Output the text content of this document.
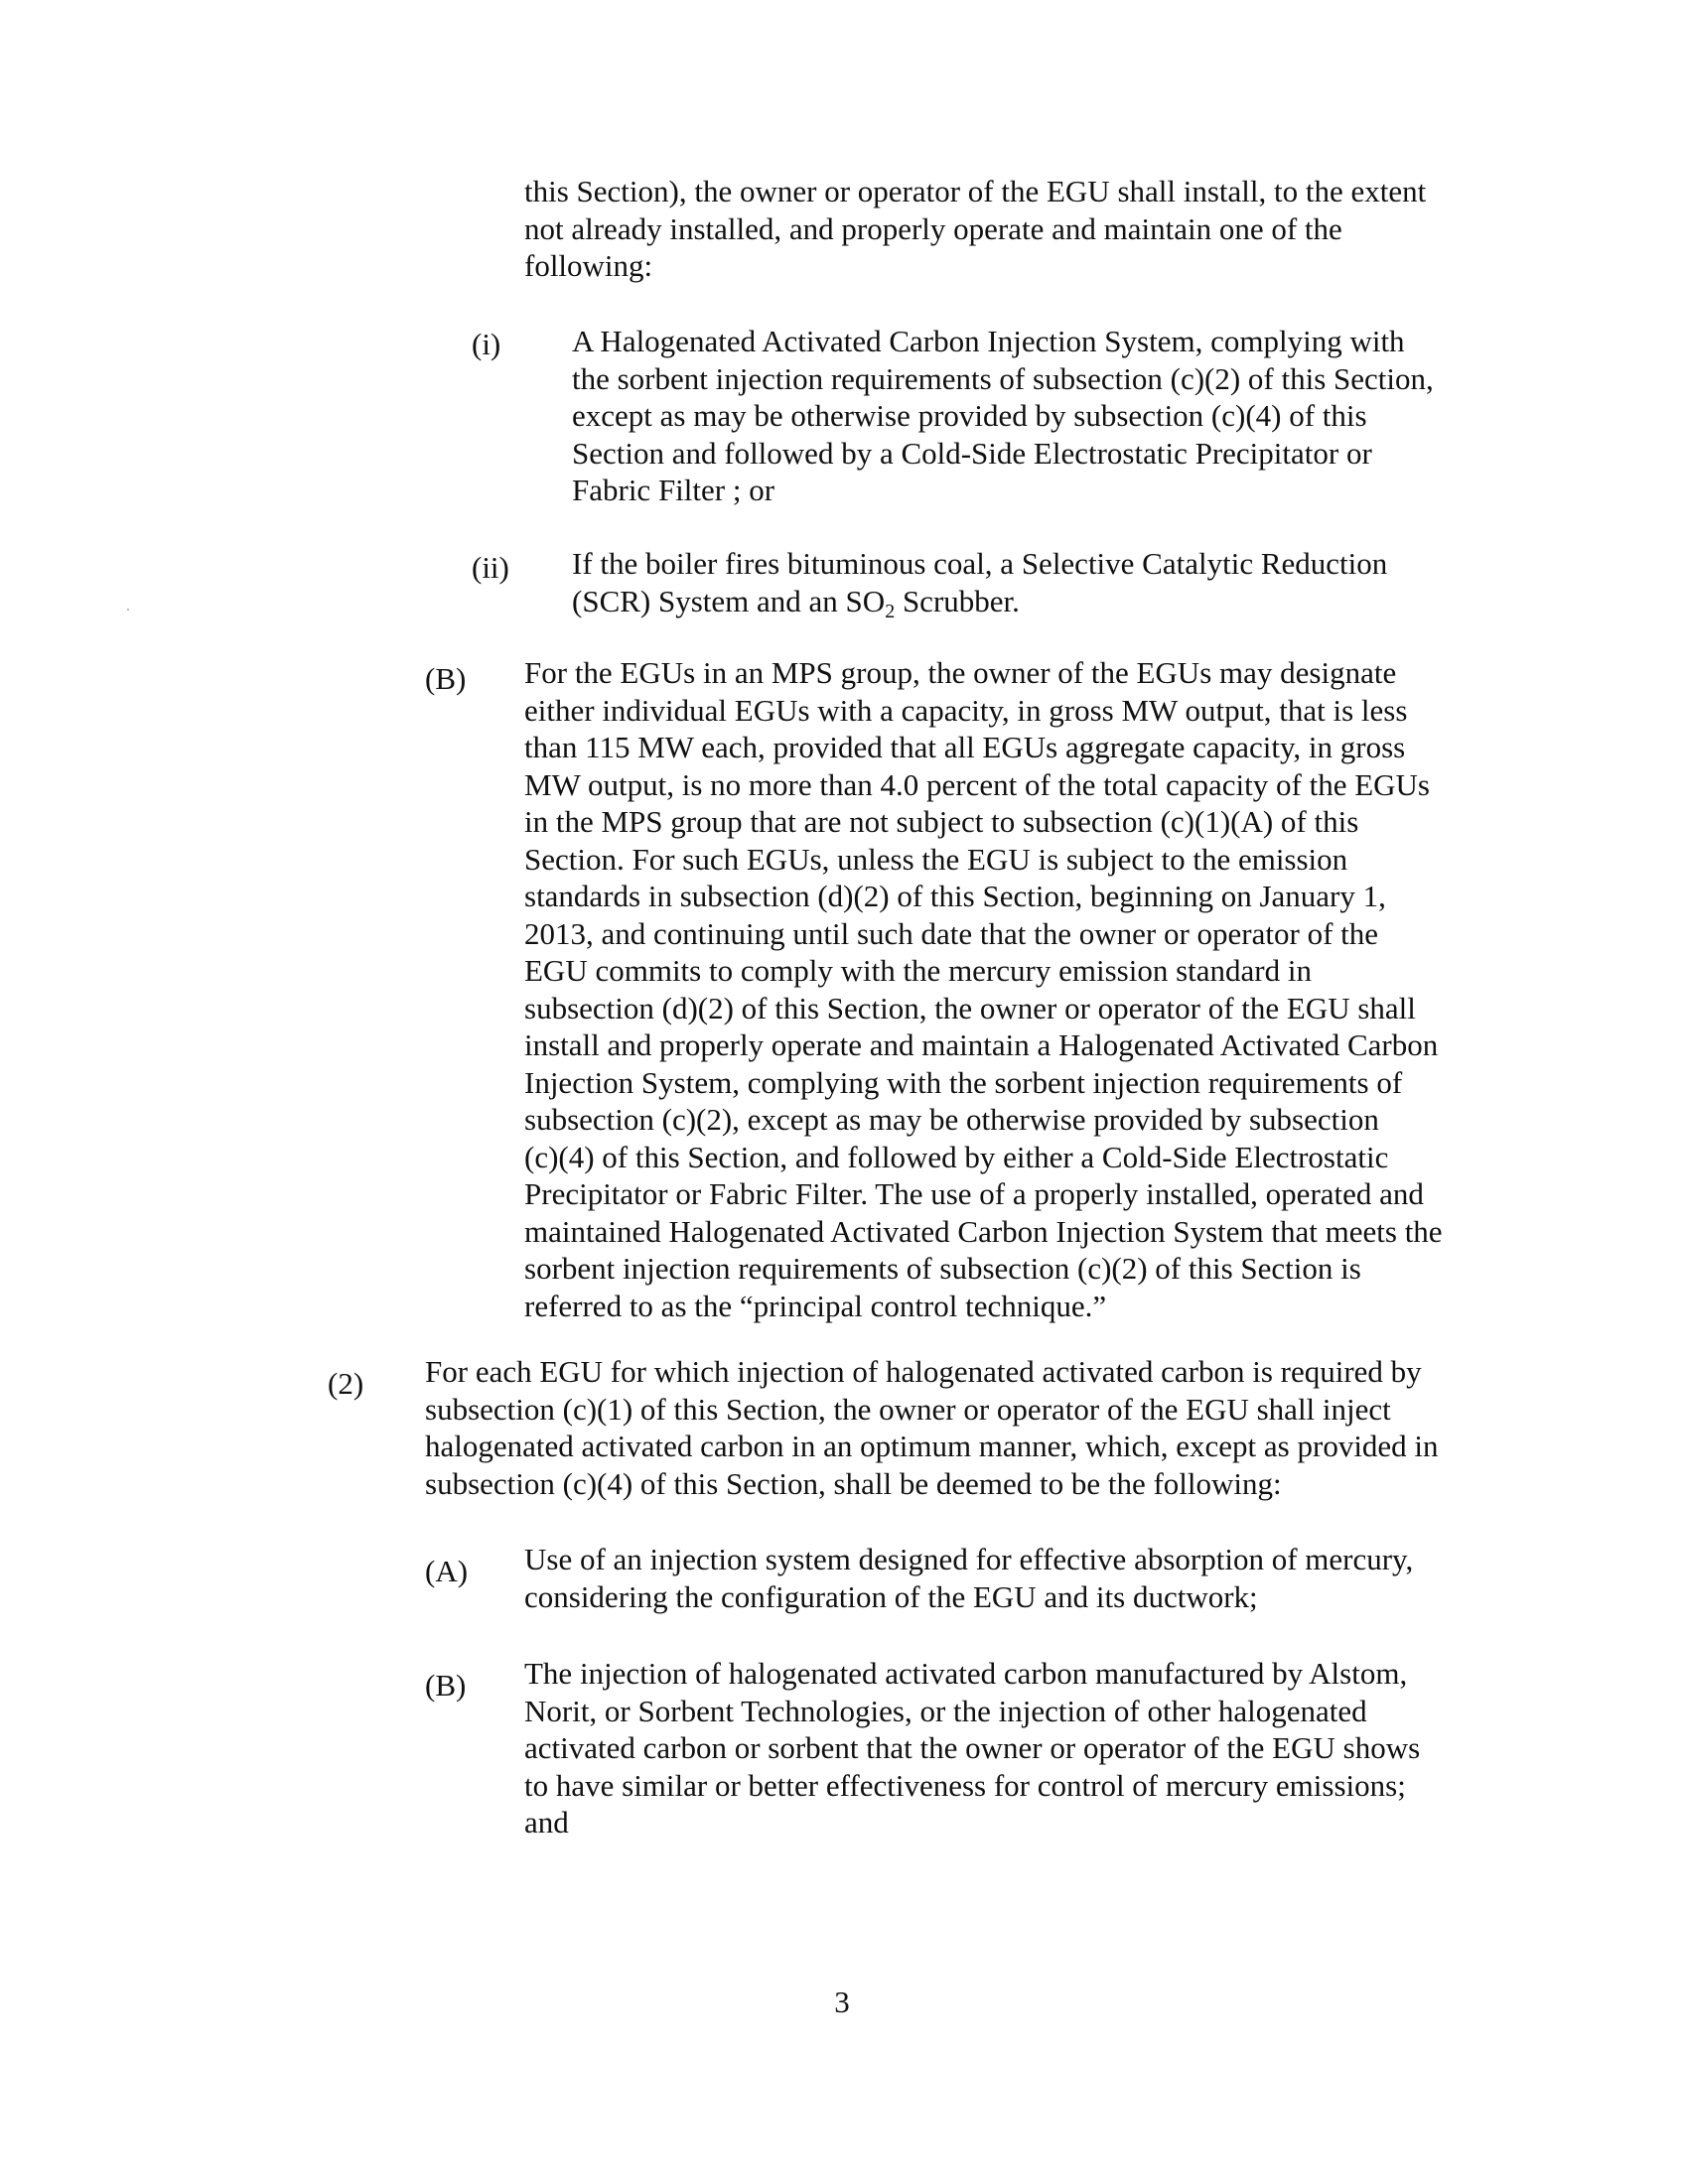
this Section), the owner or operator of the EGU shall install, to the extent
not already installed, and properly operate and maintain one of the
following:
(i) A Halogenated Activated Carbon Injection System, complying with
the sorbent injection requirements of subsection (c)(2) of this Section,
except as may be otherwise provided by subsection (c)(4) of this
Section and followed by a Cold-Side Electrostatic Precipitator or
Fabric Filter ; or
(ii) If the boiler fires bituminous coal, a Selective Catalytic Reduction
(SCR) System and an $SO_2$ Scrubber.
(B) For the EGUs in an MPS group, the owner of the EGUs may designate
either individual EGUs with a capacity, in gross MW output, that is less
than 115 MW each, provided that all EGUs aggregate capacity, in gross
MW output, is no more than 4.0 percent of the total capacity of the EGUs
in the MPS group that are not subject to subsection (c)(1)(A) of this
Section. For such EGUs, unless the EGU is subject to the emission
standards in subsection (d)(2) of this Section, beginning on January 1,
2013, and continuing until such date that the owner or operator of the
EGU commits to comply with the mercury emission standard in
subsection (d)(2) of this Section, the owner or operator of the EGU shall
install and properly operate and maintain a Halogenated Activated Carbon
Injection System, complying with the sorbent injection requirements of
subsection (c)(2), except as may be otherwise provided by subsection
(c)(4) of this Section, and followed by either a Cold-Side Electrostatic
Precipitator or Fabric Filter. The use of a properly installed, operated and
maintained Halogenated Activated Carbon Injection System that meets the
sorbent injection requirements of subsection (c)(2) of this Section is
referred to as the “principal control technique.”
(2) For each EGU for which injection of halogenated activated carbon is required by
subsection (c)(1) of this Section, the owner or operator of the EGU shall inject
halogenated activated carbon in an optimum manner, which, except as provided in
subsection (c)(4) of this Section, shall be deemed to be the following:
(A) Use of an injection system designed for effective absorption of mercury,
considering the configuration of the EGU and its ductwork;
(B) The injection of halogenated activated carbon manufactured by Alstom,
Norit, or Sorbent Technologies, or the injection of other halogenated
activated carbon or sorbent that the owner or operator of the EGU shows
to have similar or better effectiveness for control of mercury emissions;
and
3
